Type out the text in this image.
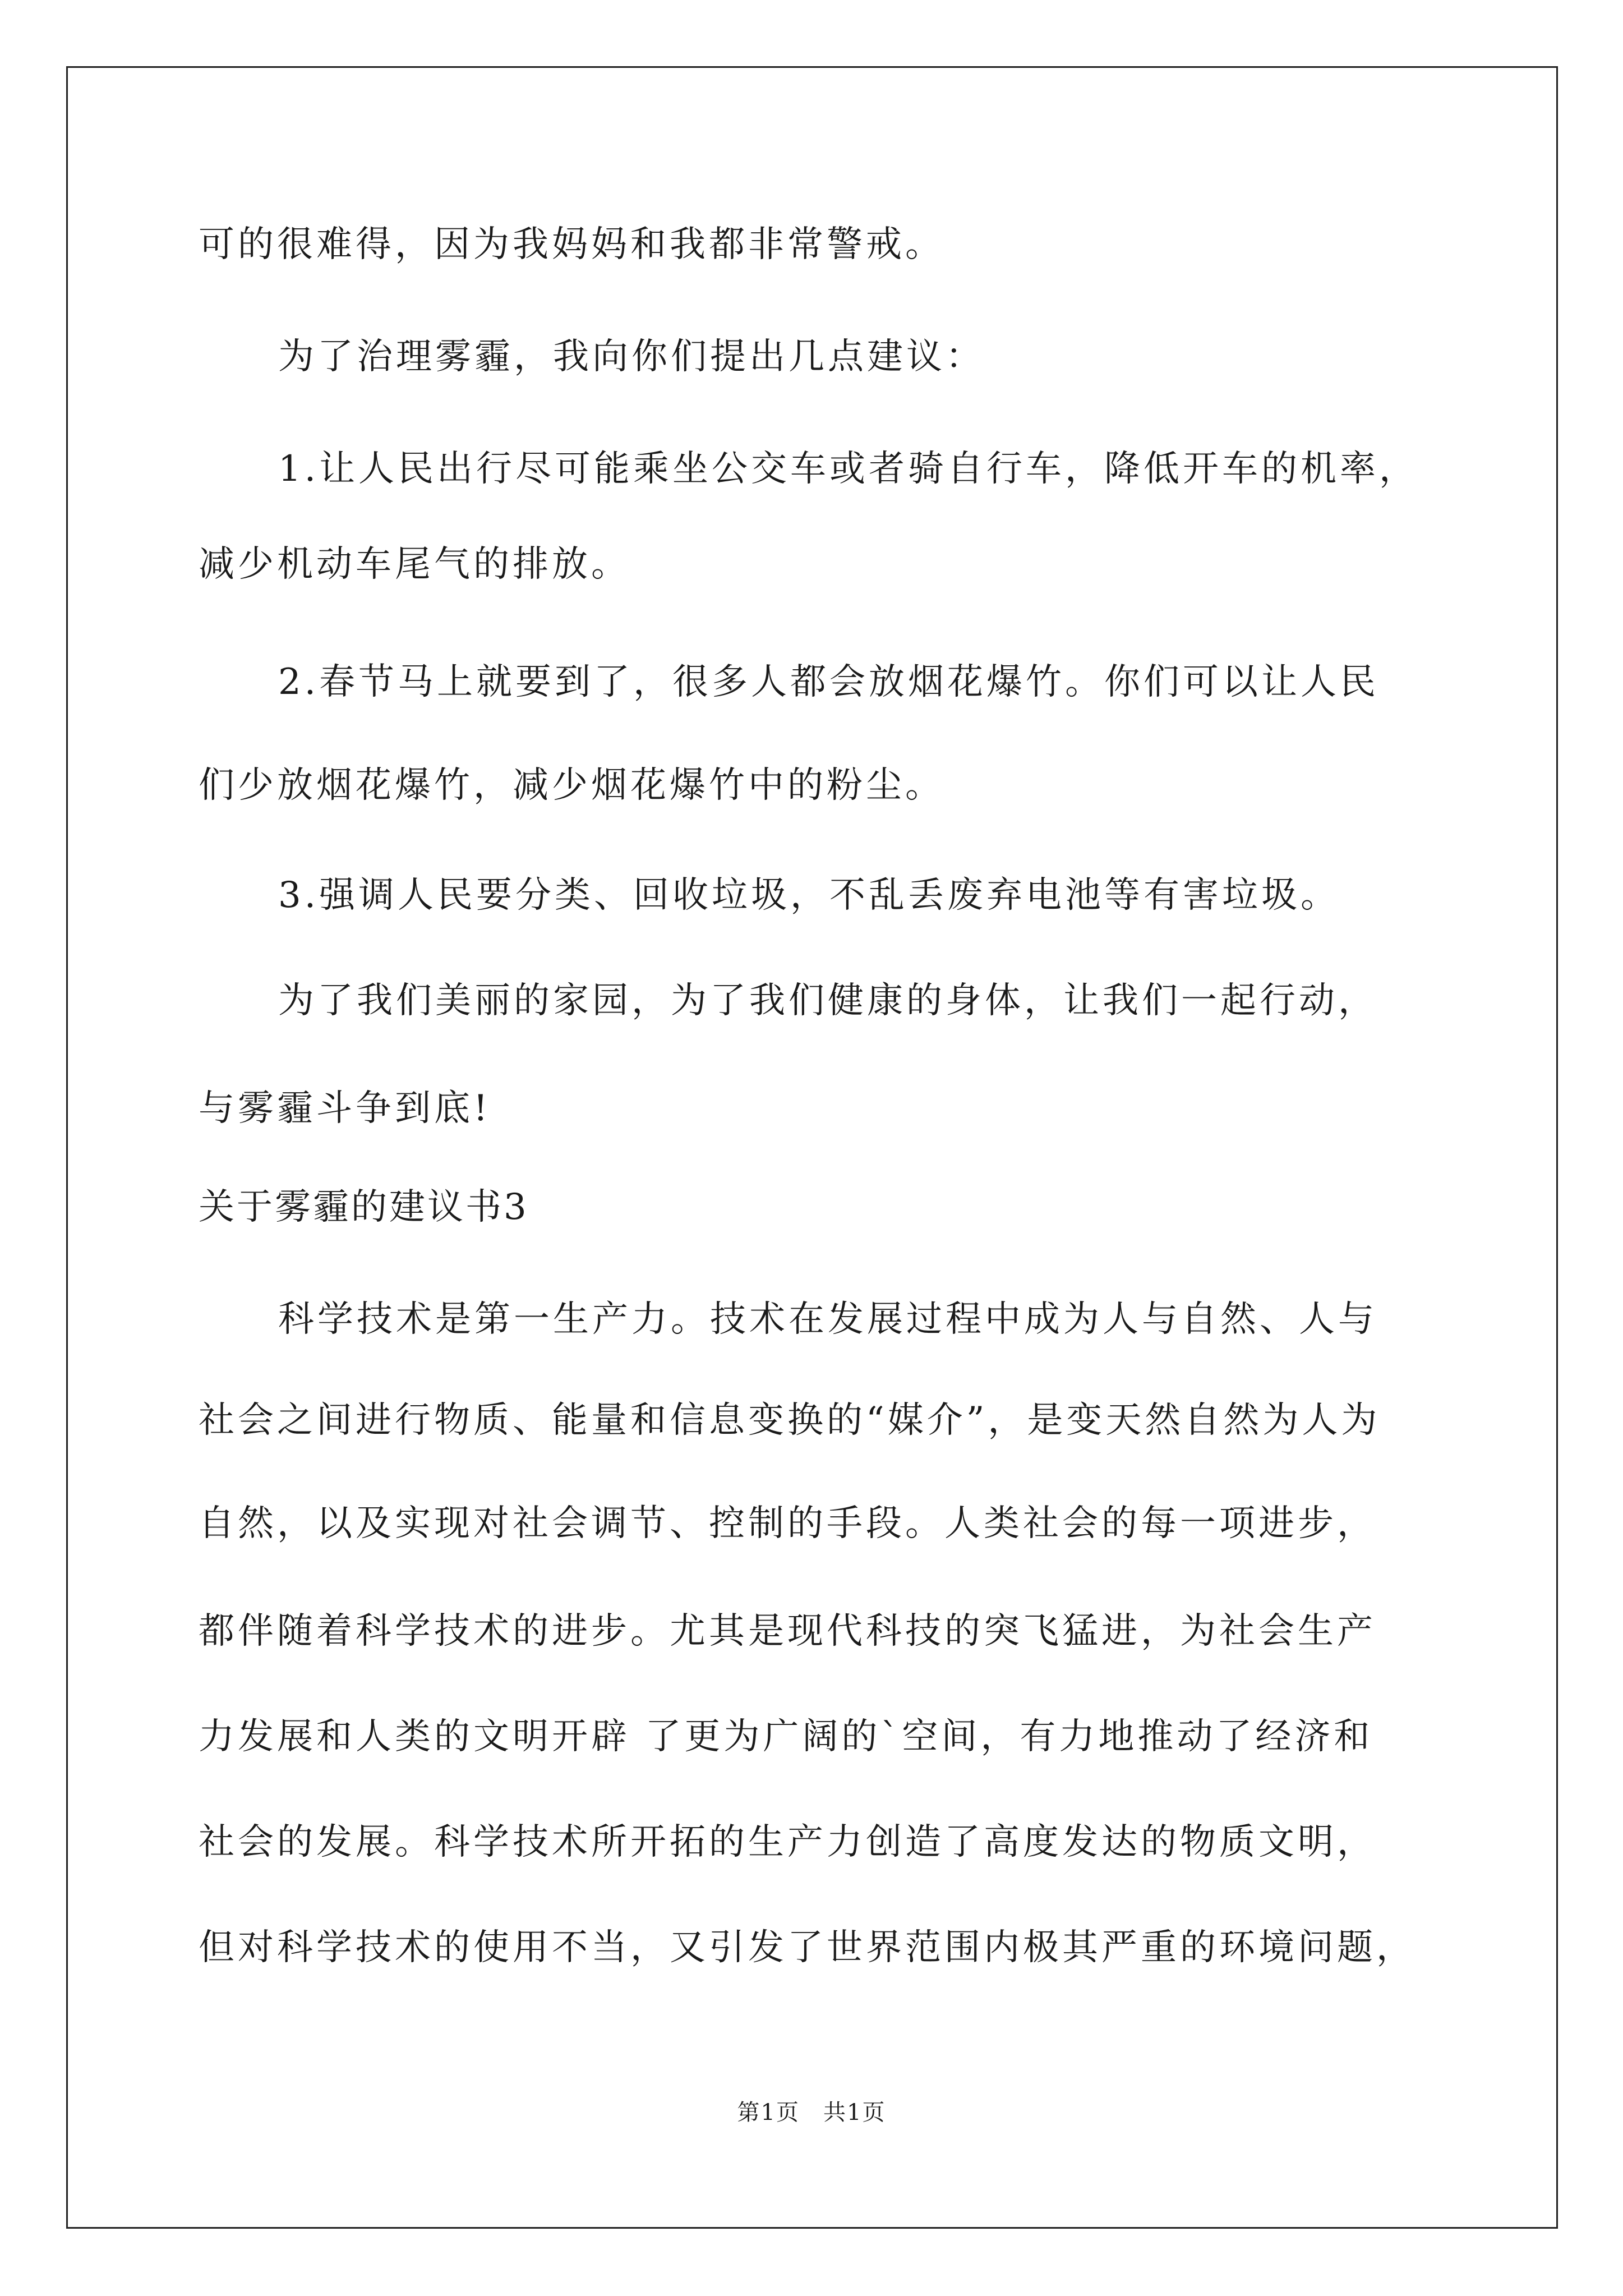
可的很难得，因为我妈妈和我都非常警戒。
为了治理雾霾，我向你们提出几点建议：
1.让人民出行尽可能乘坐公交车或者骑自行车，降低开车的机率，
减少机动车尾气的排放。
2.春节马上就要到了，很多人都会放烟花爆竹。你们可以让人民
们少放烟花爆竹，减少烟花爆竹中的粉尘。
3.强调人民要分类、回收垃圾，不乱丢废弃电池等有害垃圾。
为了我们美丽的家园，为了我们健康的身体，让我们一起行动，
与雾霾斗争到底!
关于雾霾的建议书3
科学技术是第一生产力。技术在发展过程中成为人与自然、人与
社会之间进行物质、能量和信息变换的“媒介”，是变天然自然为人为
自然，以及实现对社会调节、控制的手段。人类社会的每一项进步，
都伴随着科学技术的进步。尤其是现代科技的突飞猛进，为社会生产
力发展和人类的文明开辟 了更为广阔的`空间，有力地推动了经济和
社会的发展。科学技术所开拓的生产力创造了高度发达的物质文明，
但对科学技术的使用不当，又引发了世界范围内极其严重的环境问题，
第1页　共1页
